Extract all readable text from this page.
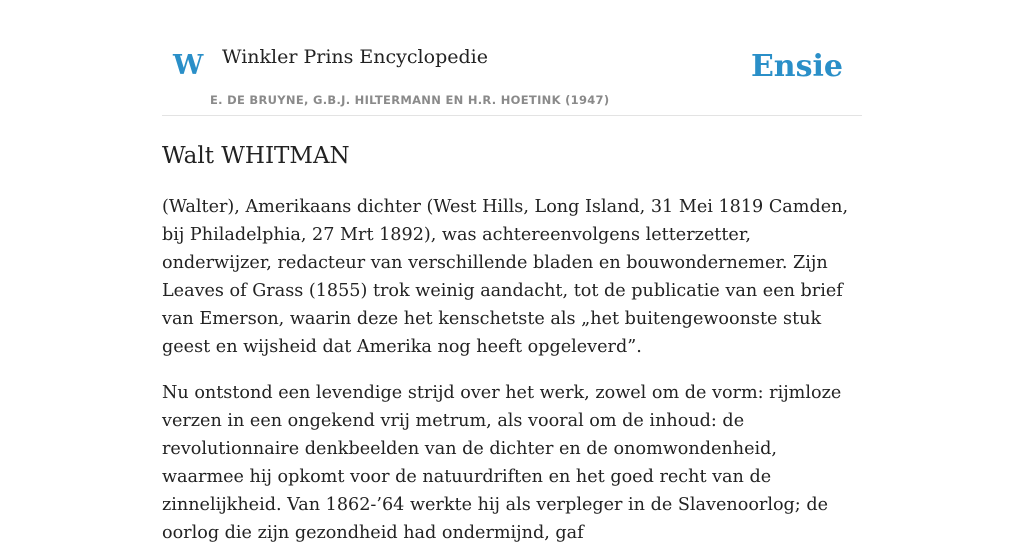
W Winkler Prins Encyclopedie
E. DE BRUYNE, G.B.J. HILTERMANN EN H.R. HOETINK (1947)
Ensie
Walt WHITMAN

(Walter), Amerikaans dichter (West Hills, Long Island, 31 Mei 1819 Camden, bij Philadelphia, 27 Mrt 1892), was achtereenvolgens letterzetter, onderwijzer, redacteur van verschillende bladen en bouwondernemer. Zijn Leaves of Grass (1855) trok weinig aandacht, tot de publicatie van een brief van Emerson, waarin deze het kenschetste als „het buitengewoonste stuk geest en wijsheid dat Amerika nog heeft opgeleverd”.

Nu ontstond een levendige strijd over het werk, zowel om de vorm: rijmloze verzen in een ongekend vrij metrum, als vooral om de inhoud: de revolutionnaire denkbeelden van de dichter en de onomwondenheid, waarmee hij opkomt voor de natuurdriften en het goed recht van de zinnelijkheid. Van 1862-’64 werkte hij als verpleger in de Slavenoorlog; de oorlog die zijn gezondheid had ondermijnd, gaf
